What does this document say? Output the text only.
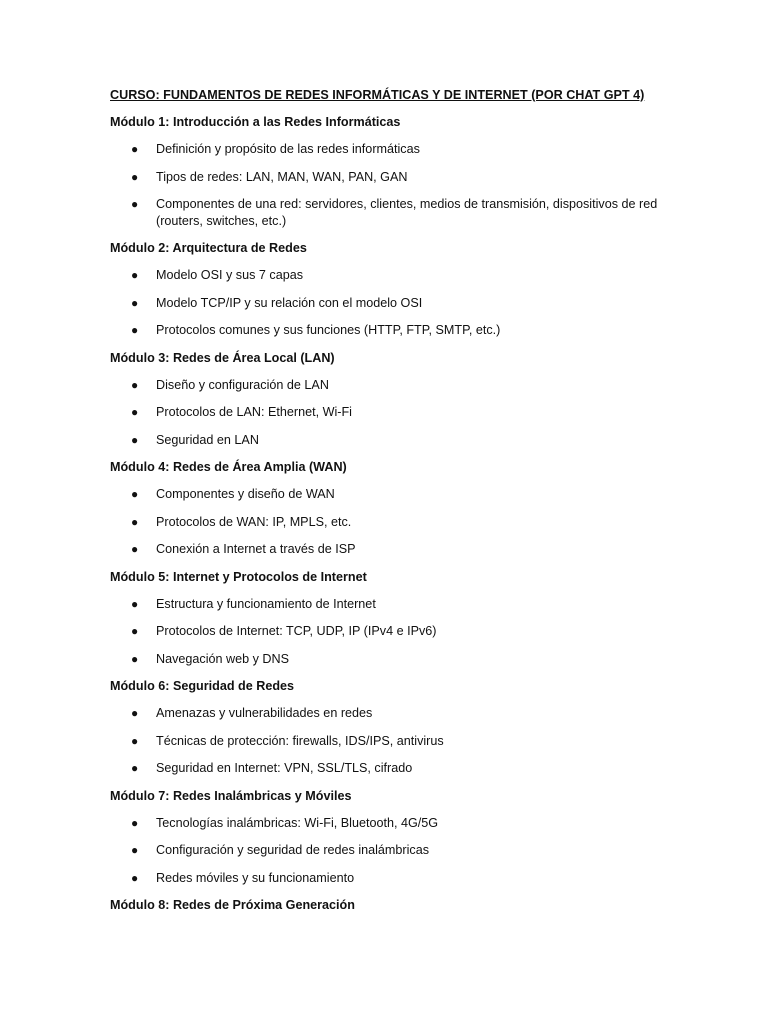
CURSO: FUNDAMENTOS DE REDES INFORMÁTICAS Y DE INTERNET (POR CHAT GPT 4)
Módulo 1: Introducción a las Redes Informáticas
● Definición y propósito de las redes informáticas
● Tipos de redes: LAN, MAN, WAN, PAN, GAN
● Componentes de una red: servidores, clientes, medios de transmisión, dispositivos de red (routers, switches, etc.)
Módulo 2: Arquitectura de Redes
● Modelo OSI y sus 7 capas
● Modelo TCP/IP y su relación con el modelo OSI
● Protocolos comunes y sus funciones (HTTP, FTP, SMTP, etc.)
Módulo 3: Redes de Área Local (LAN)
● Diseño y configuración de LAN
● Protocolos de LAN: Ethernet, Wi-Fi
● Seguridad en LAN
Módulo 4: Redes de Área Amplia (WAN)
● Componentes y diseño de WAN
● Protocolos de WAN: IP, MPLS, etc.
● Conexión a Internet a través de ISP
Módulo 5: Internet y Protocolos de Internet
● Estructura y funcionamiento de Internet
● Protocolos de Internet: TCP, UDP, IP (IPv4 e IPv6)
● Navegación web y DNS
Módulo 6: Seguridad de Redes
● Amenazas y vulnerabilidades en redes
● Técnicas de protección: firewalls, IDS/IPS, antivirus
● Seguridad en Internet: VPN, SSL/TLS, cifrado
Módulo 7: Redes Inalámbricas y Móviles
● Tecnologías inalámbricas: Wi-Fi, Bluetooth, 4G/5G
● Configuración y seguridad de redes inalámbricas
● Redes móviles y su funcionamiento
Módulo 8: Redes de Próxima Generación
